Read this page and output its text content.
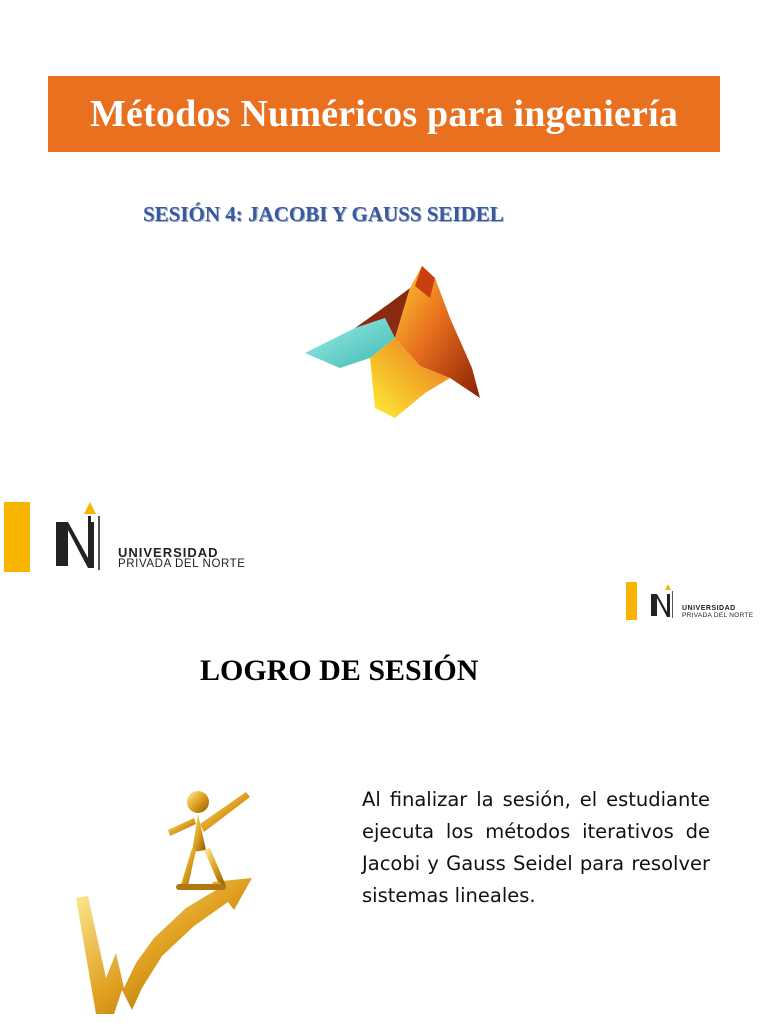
Métodos Numéricos para ingeniería
SESIÓN 4: JACOBI Y GAUSS SEIDEL
UNIVERSIDAD
PRIVADA DEL NORTE
UNIVERSIDAD
PRIVADA DEL NORTE
LOGRO DE SESIÓN
Al finalizar la sesión, el estudiante ejecuta los métodos iterativos de Jacobi y Gauss Seidel para resolver sistemas lineales.
